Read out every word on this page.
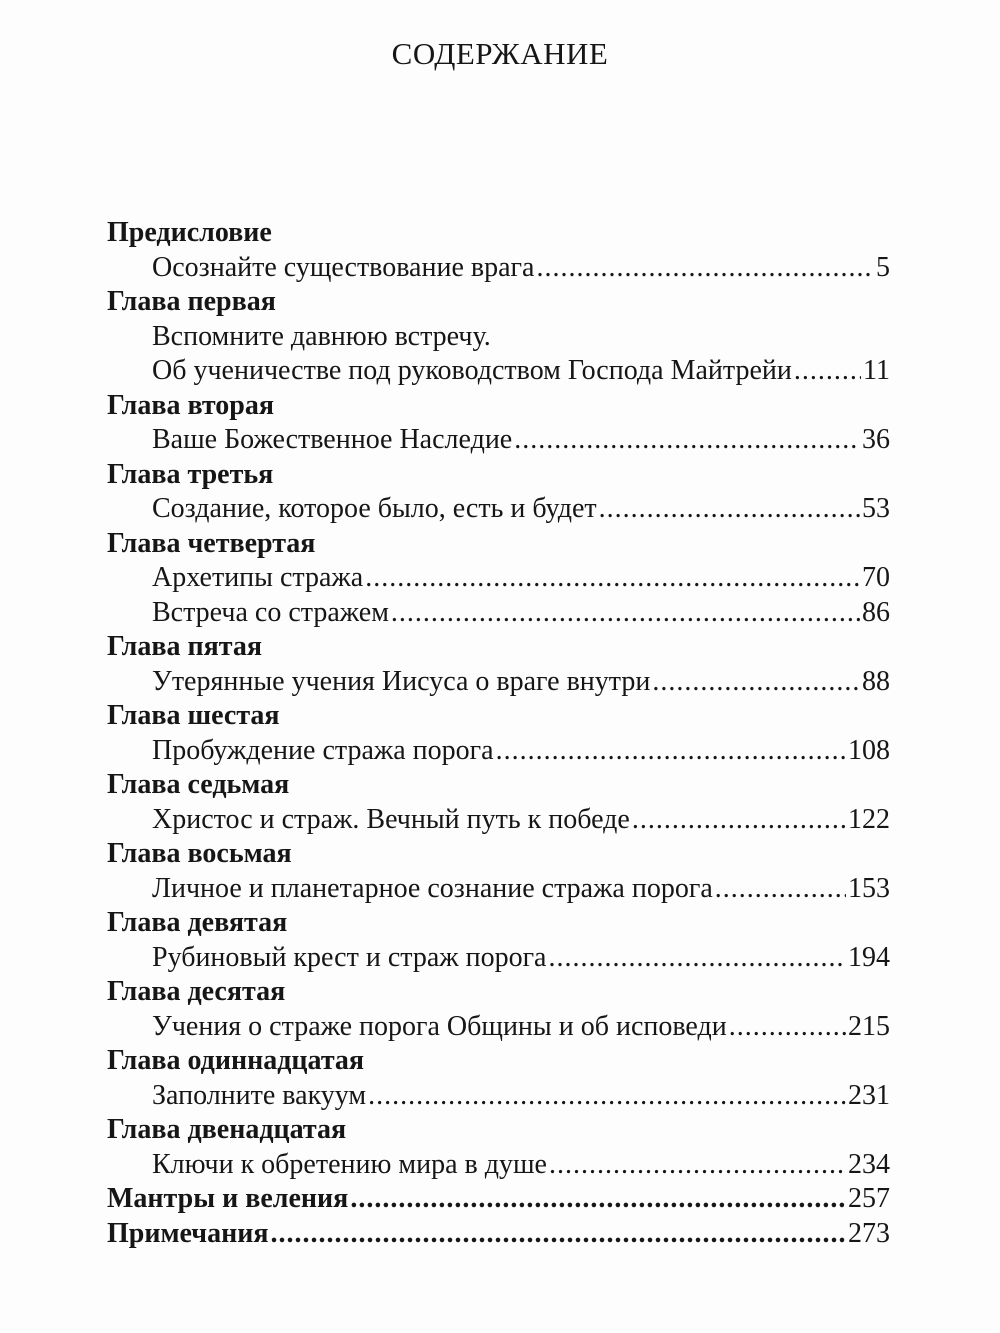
СОДЕРЖАНИЕ
Предисловие
Осознайте существование врага .....	5
Глава первая
Вспомните давнюю встречу.
Об ученичестве под руководством Господа Майтрейи .....	11
Глава вторая
Ваше Божественное Наследие .....	36
Глава третья
Создание, которое было, есть и будет .....	53
Глава четвертая
Архетипы стража .....	70
Встреча со стражем .....	86
Глава пятая
Утерянные учения Иисуса о враге внутри .....	88
Глава шестая
Пробуждение стража порога .....	108
Глава седьмая
Христос и страж. Вечный путь к победе .....	122
Глава восьмая
Личное и планетарное сознание стража порога .....	153
Глава девятая
Рубиновый крест и страж порога .....	194
Глава десятая
Учения о страже порога Общины и об исповеди .....	215
Глава одиннадцатая
Заполните вакуум .....	231
Глава двенадцатая
Ключи к обретению мира в душе .....	234
Мантры и веления .....	257
Примечания .....	273
